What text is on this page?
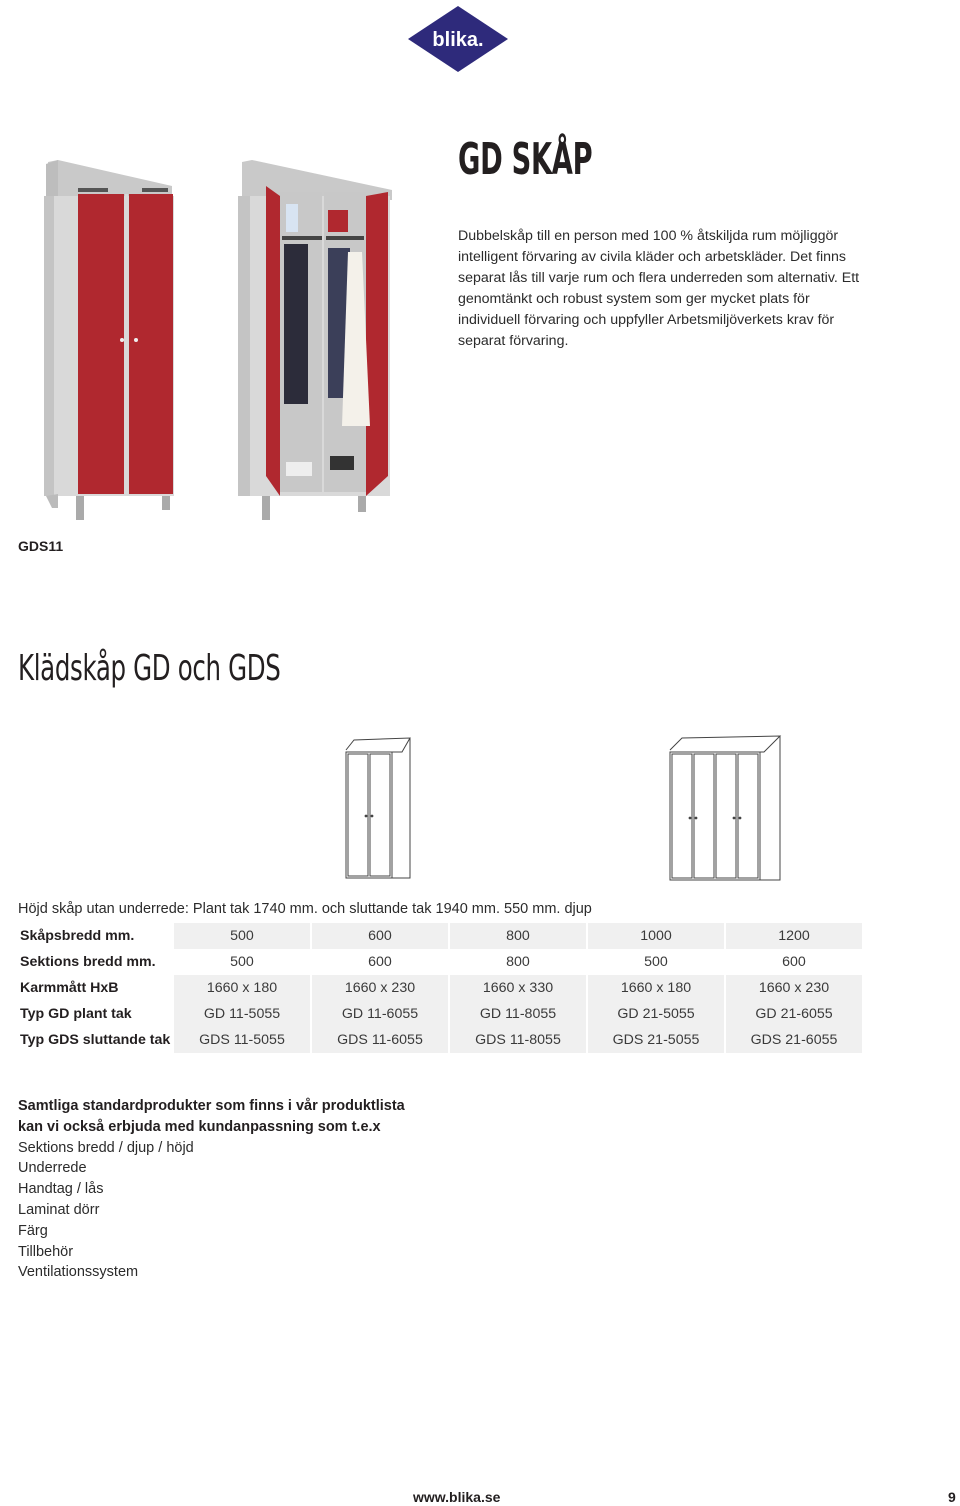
blika.
GD SKÅP
Dubbelskåp till en person med 100 % åtskiljda rum möjliggör intelligent förvaring av civila kläder och arbetskläder. Det finns separat lås till varje rum och flera underreden som alternativ. Ett genomtänkt och robust system som ger mycket plats för individuell förvaring och uppfyller Arbetsmiljöverkets krav för separat förvaring.
GDS11
Klädskåp GD och GDS
Höjd skåp utan underrede: Plant tak 1740 mm. och sluttande tak 1940 mm. 550 mm. djup
Skåpsbredd mm.	500	600	800	1000	1200
Sektions bredd mm.	500	600	800	500	600
Karmmått HxB	1660 x 180	1660 x 230	1660 x 330	1660 x 180	1660 x 230
Typ GD plant tak	GD 11-5055	GD 11-6055	GD 11-8055	GD 21-5055	GD 21-6055
Typ GDS sluttande tak	GDS 11-5055	GDS 11-6055	GDS 11-8055	GDS 21-5055	GDS 21-6055
Samtliga standardprodukter som finns i vår produktlista
kan vi också erbjuda med kundanpassning som t.e.x
Sektions bredd / djup / höjd
Underrede
Handtag / lås
Laminat dörr
Färg
Tillbehör
Ventilationssystem
www.blika.se	9
